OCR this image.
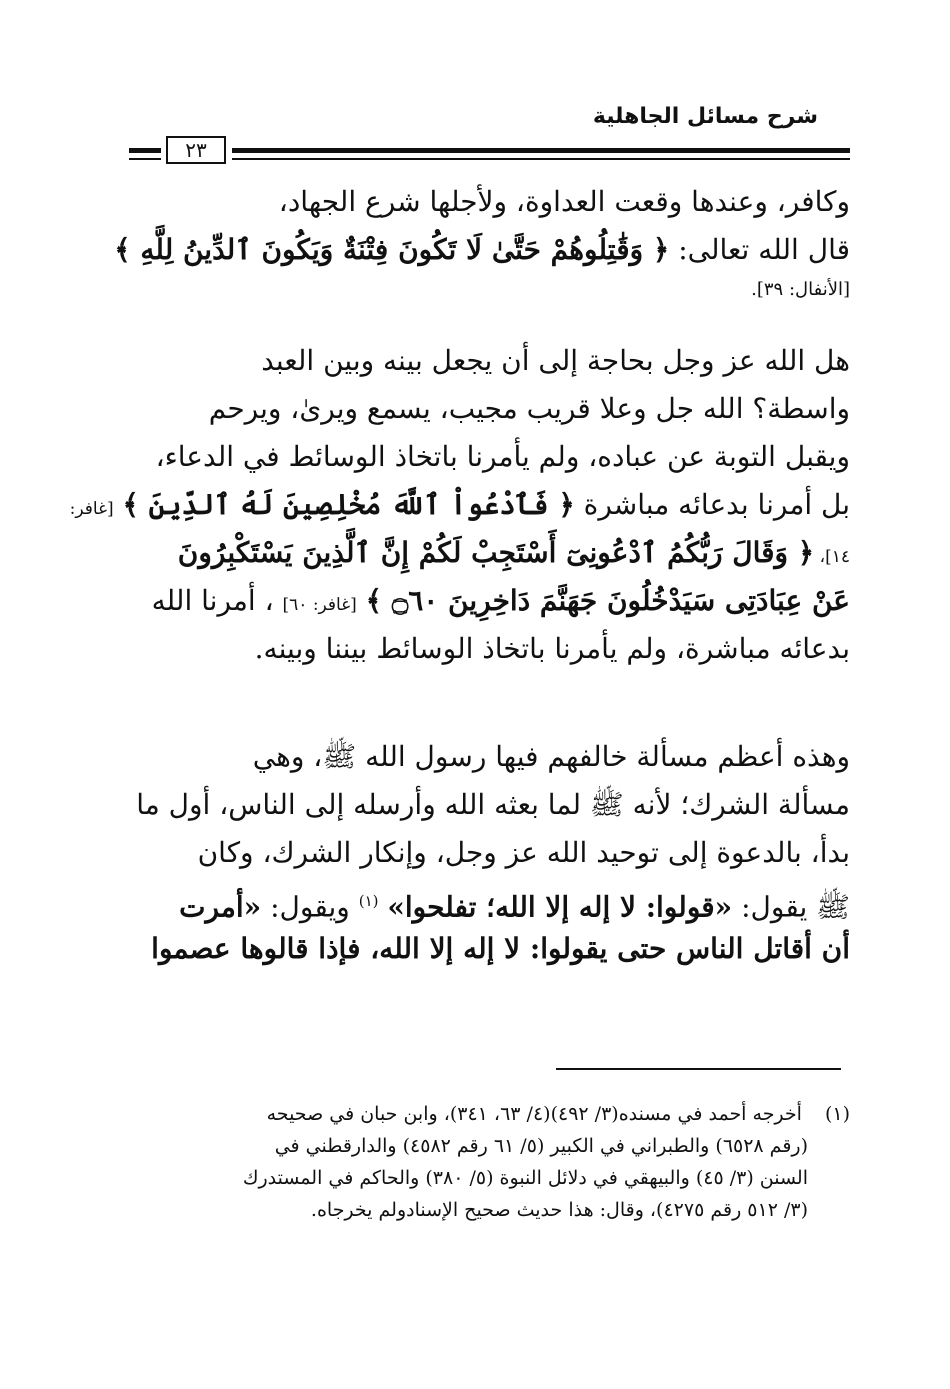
شرح مسائل الجاهلية
٢٣
وكافر، وعندها وقعت العداوة، ولأجلها شرع الجهاد،
قال الله تعالى: ﴿ وَقَٰتِلُوهُمْ حَتَّىٰ لَا تَكُونَ فِتْنَةٌ وَيَكُونَ ٱلدِّينُ لِلَّهِ ﴾
[الأنفال: ٣٩].
هل الله عز وجل بحاجة إلى أن يجعل بينه وبين العبد
واسطة؟ الله جل وعلا قريب مجيب، يسمع ويرىٰ، ويرحم
ويقبل التوبة عن عباده، ولم يأمرنا باتخاذ الوسائط في الدعاء،
بل أمرنا بدعائه مباشرة ﴿ فَٱدْعُواْ ٱللَّهَ مُخْلِصِينَ لَهُ ٱلدِّينَ ﴾ [غافر:
١٤]، ﴿ وَقَالَ رَبُّكُمُ ٱدْعُونِىٓ أَسْتَجِبْ لَكُمْ إِنَّ ٱلَّذِينَ يَسْتَكْبِرُونَ
عَنْ عِبَادَتِى سَيَدْخُلُونَ جَهَنَّمَ دَاخِرِينَ ۝٦٠ ﴾ [غافر: ٦٠] ، أمرنا الله
بدعائه مباشرة، ولم يأمرنا باتخاذ الوسائط بيننا وبينه.
وهذه أعظم مسألة خالفهم فيها رسول الله ﷺ، وهي
مسألة الشرك؛ لأنه ﷺ لما بعثه الله وأرسله إلى الناس، أول ما
بدأ، بالدعوة إلى توحيد الله عز وجل، وإنكار الشرك، وكان
ﷺ يقول: «قولوا: لا إله إلا الله؛ تفلحوا» $^{(١)}$ ويقول: «أمرت
أن أقاتل الناس حتى يقولوا: لا إله إلا الله، فإذا قالوها عصموا
(١) أخرجه أحمد في مسنده(٣/ ٤٩٢)(٤/ ٦٣، ٣٤١)، وابن حبان في صحيحه
(رقم ٦٥٢٨) والطبراني في الكبير (٥/ ٦١ رقم ٤٥٨٢) والدارقطني في
السنن (٣/ ٤٥) والبيهقي في دلائل النبوة (٥/ ٣٨٠) والحاكم في المستدرك
(٣/ ٥١٢ رقم ٤٢٧٥)، وقال: هذا حديث صحيح الإسنادولم يخرجاه.
